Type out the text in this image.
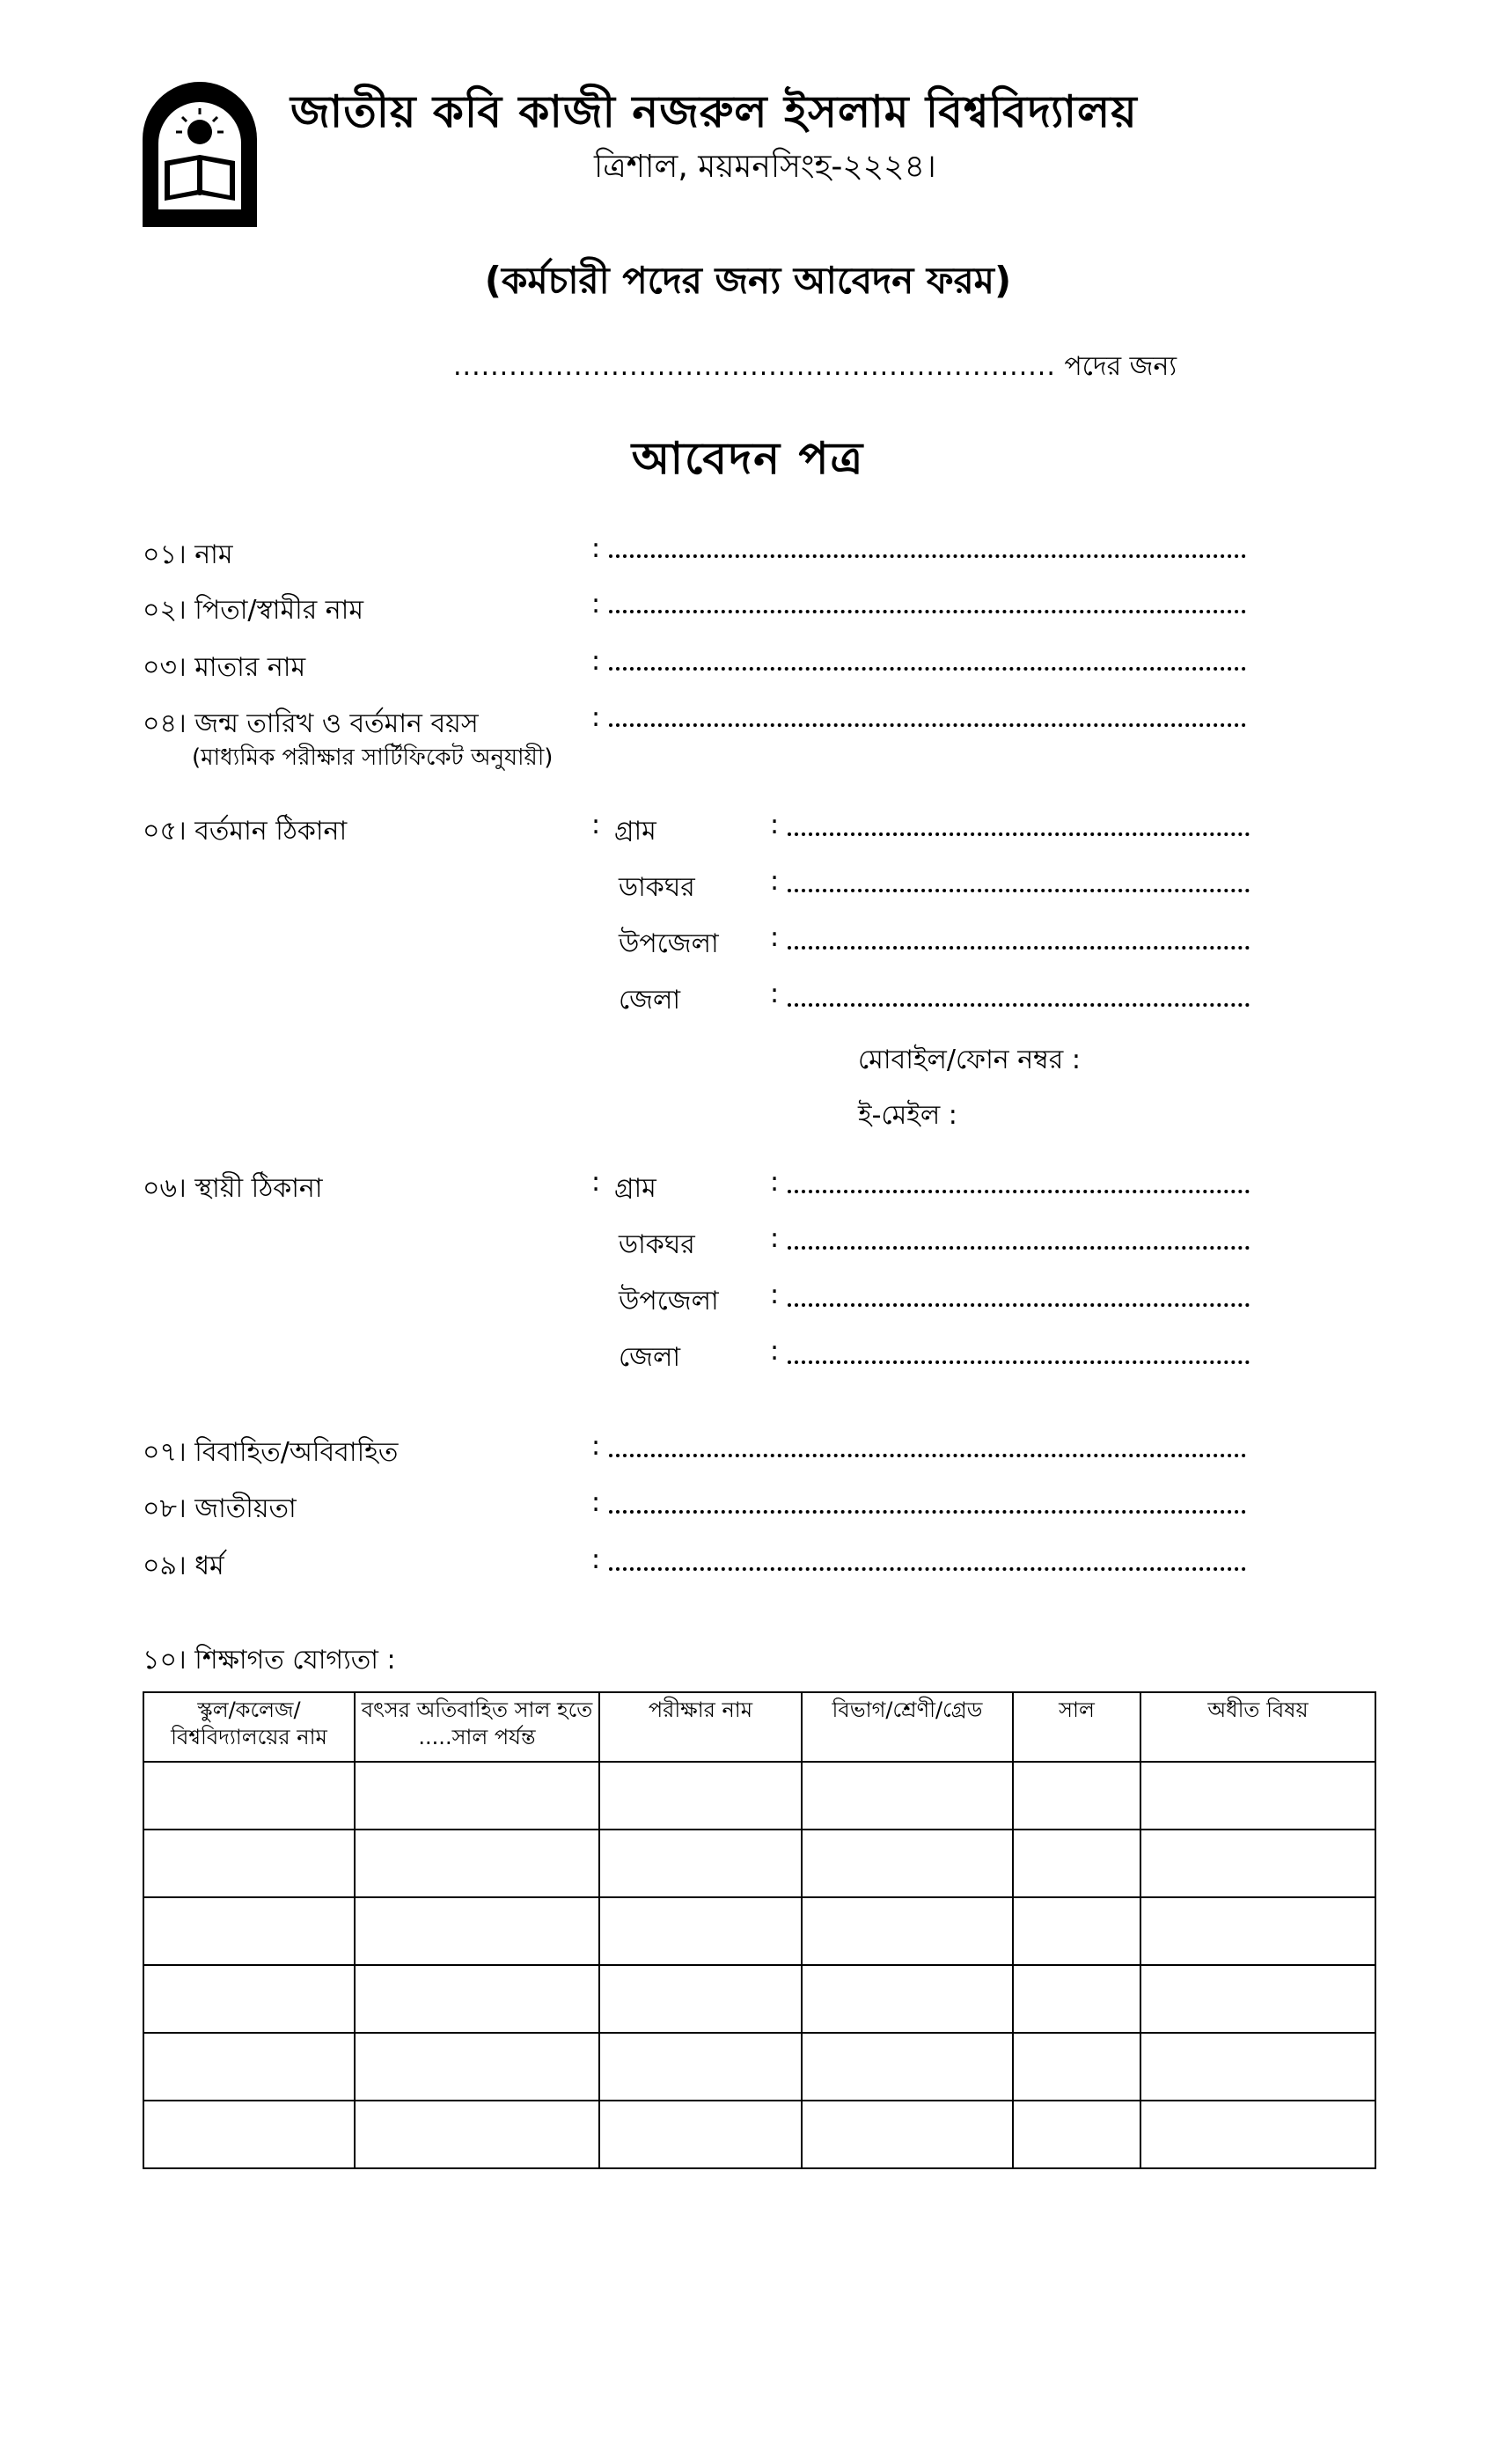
জাতীয় কবি কাজী নজরুল ইসলাম বিশ্ববিদ্যালয়
ত্রিশাল, ময়মনসিংহ-২২২৪।
(কর্মচারী পদের জন্য আবেদন ফরম)
................................................................. পদের জন্য
আবেদন পত্র
০১। নাম	:
০২। পিতা/স্বামীর নাম	:
০৩। মাতার নাম	:
০৪। জন্ম তারিখ ও বর্তমান বয়স
(মাধ্যমিক পরীক্ষার সার্টিফিকেট অনুযায়ী)
:
০৫। বর্তমান ঠিকানা	: গ্রাম	:
ডাকঘর	:
উপজেলা :
জেলা	:
মোবাইল/ফোন নম্বর :
ই-মেইল :
০৬। স্থায়ী ঠিকানা	: গ্রাম	:
ডাকঘর	:
উপজেলা :
জেলা	:
০৭। বিবাহিত/অবিবাহিত	:
০৮। জাতীয়তা	:
০৯। ধর্ম	:
১০। শিক্ষাগত যোগ্যতা :
স্কুল/কলেজ/বিশ্ববিদ্যালয়ের নাম	বৎসর অতিবাহিত সাল হতে .....সাল পর্যন্ত	পরীক্ষার নাম	বিভাগ/শ্রেণী/গ্রেড	সাল	অধীত বিষয়
